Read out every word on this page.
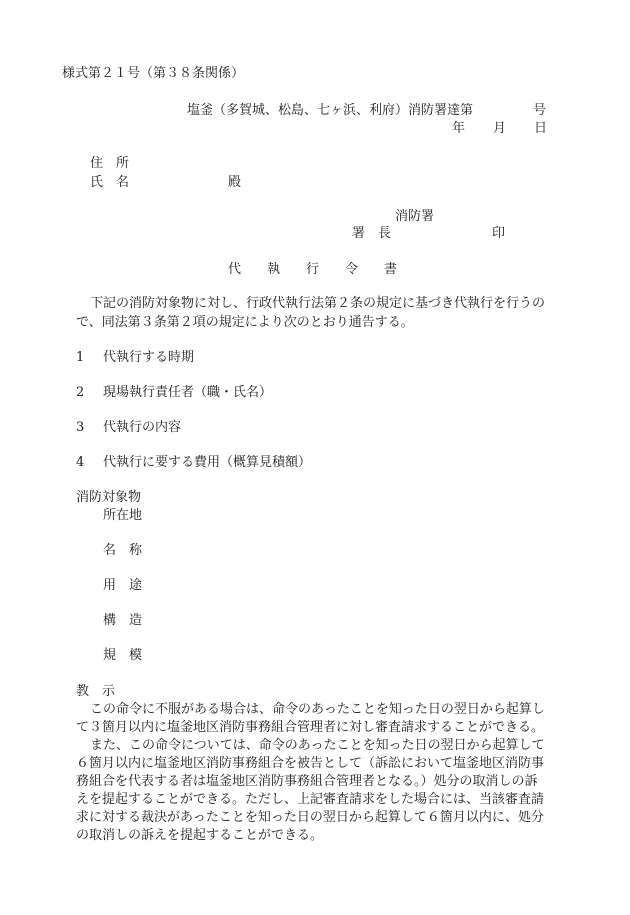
様式第２１号（第３８条関係）
塩釜（多賀城、松島、七ヶ浜、利府）消防署達第	号
年 月 日
住　所
氏　名	殿
消防署
署　長	印
代　　執　　行　　令　　書
下記の消防対象物に対し、行政代執行法第２条の規定に基づき代執行を行うの
で、同法第３条第２項の規定により次のとおり通告する。
1 代執行する時期
2 現場執行責任者（職・氏名）
3 代執行の内容
4 代執行に要する費用（概算見積額）
消防対象物
所在地
名　称
用　途
構　造
規　模
教　示
この命令に不服がある場合は、命令のあったことを知った日の翌日から起算し
て３箇月以内に塩釜地区消防事務組合管理者に対し審査請求することができる。
また、この命令については、命令のあったことを知った日の翌日から起算して
６箇月以内に塩釜地区消防事務組合を被告として（訴訟において塩釜地区消防事
務組合を代表する者は塩釜地区消防事務組合管理者となる。）処分の取消しの訴
えを提起することができる。ただし、上記審査請求をした場合には、当該審査請
求に対する裁決があったことを知った日の翌日から起算して６箇月以内に、処分
の取消しの訴えを提起することができる。
